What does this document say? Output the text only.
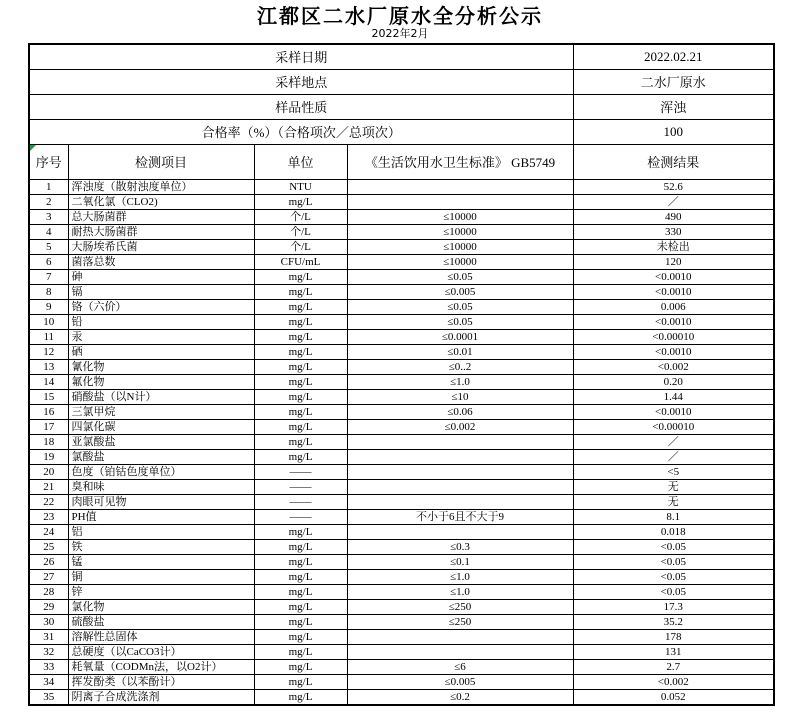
江都区二水厂原水全分析公示
2022年2月
采样日期				2022.02.21
采样地点				二水厂原水
样品性质				浑浊
合格率（%）（合格项次／总项次）				100

序号	检测项目	单位	《生活饮用水卫生标准》 GB5749	检测结果
1	浑浊度（散射浊度单位）	NTU		52.6
2	二氧化氯（CLO2)	mg/L		／
3	总大肠菌群	个/L	≤10000	490
4	耐热大肠菌群	个/L	≤10000	330
5	大肠埃希氏菌	个/L	≤10000	未检出
6	菌落总数	CFU/mL	≤10000	120
7	砷	mg/L	≤0.05	<0.0010
8	镉	mg/L	≤0.005	<0.0010
9	铬（六价）	mg/L	≤0.05	0.006
10	铅	mg/L	≤0.05	<0.0010
11	汞	mg/L	≤0.0001	<0.00010
12	硒	mg/L	≤0.01	<0.0010
13	氰化物	mg/L	≤0..2	<0.002
14	氟化物	mg/L	≤1.0	0.20
15	硝酸盐（以N计）	mg/L	≤10	1.44
16	三氯甲烷	mg/L	≤0.06	<0.0010
17	四氯化碳	mg/L	≤0.002	<0.00010
18	亚氯酸盐	mg/L		／
19	氯酸盐	mg/L		／
20	色度（铂钴色度单位）	——		<5
21	臭和味	——		无
22	肉眼可见物	——		无
23	PH值	——	不小于6且不大于9	8.1
24	铝	mg/L		0.018
25	铁	mg/L	≤0.3	<0.05
26	锰	mg/L	≤0.1	<0.05
27	铜	mg/L	≤1.0	<0.05
28	锌	mg/L	≤1.0	<0.05
29	氯化物	mg/L	≤250	17.3
30	硫酸盐	mg/L	≤250	35.2
31	溶解性总固体	mg/L		178
32	总硬度（以CaCO3计）	mg/L		131
33	耗氧量（CODMn法，以O2计）	mg/L	≤6	2.7
34	挥发酚类（以苯酚计）	mg/L	≤0.005	<0.002
35	阴离子合成洗涤剂	mg/L	≤0.2	0.052
